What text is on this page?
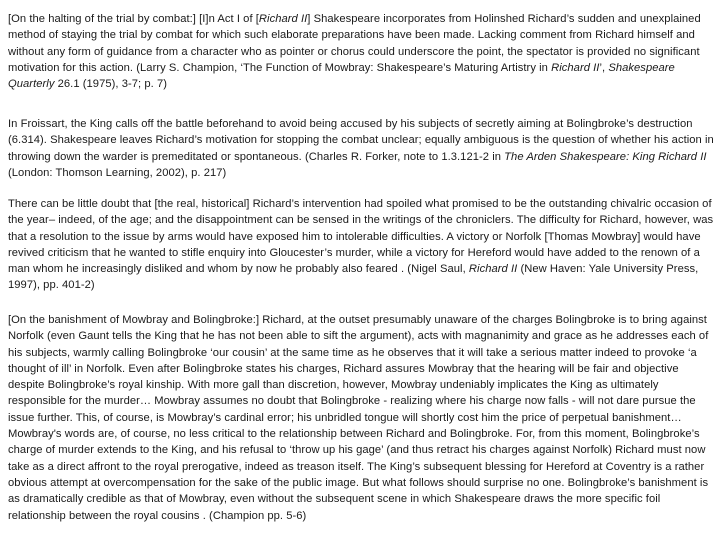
[On the halting of the trial by combat:] [I]n Act I of [Richard II] Shakespeare incorporates from Holinshed Richard’s sudden and unexplained method of staying the trial by combat for which such elaborate preparations have been made. Lacking comment from Richard himself and without any form of guidance from a character who as pointer or chorus could underscore the point, the spectator is provided no significant motivation for this action. (Larry S. Champion, ‘The Function of Mowbray: Shakespeare’s Maturing Artistry in Richard II’, Shakespeare Quarterly 26.1 (1975), 3-7; p. 7)

In Froissart, the King calls off the battle beforehand to avoid being accused by his subjects of secretly aiming at Bolingbroke’s destruction (6.314). Shakespeare leaves Richard’s motivation for stopping the combat unclear; equally ambiguous is the question of whether his action in throwing down the warder is premeditated or spontaneous. (Charles R. Forker, note to 1.3.121-2 in The Arden Shakespeare: King Richard II (London: Thomson Learning, 2002), p. 217)

There can be little doubt that [the real, historical] Richard’s intervention had spoiled what promised to be the outstanding chivalric occasion of the year– indeed, of the age; and the disappointment can be sensed in the writings of the chroniclers. The difficulty for Richard, however, was that a resolution to the issue by arms would have exposed him to intolerable difficulties. A victory or Norfolk [Thomas Mowbray] would have revived criticism that he wanted to stifle enquiry into Gloucester’s murder, while a victory for Hereford would have added to the renown of a man whom he increasingly disliked and whom by now he probably also feared . (Nigel Saul, Richard II (New Haven: Yale University Press, 1997), pp. 401-2)

[On the banishment of Mowbray and Bolingbroke:] Richard, at the outset presumably unaware of the charges Bolingbroke is to bring against Norfolk (even Gaunt tells the King that he has not been able to sift the argument), acts with magnanimity and grace as he addresses each of his subjects, warmly calling Bolingbroke ‘our cousin’ at the same time as he observes that it will take a serious matter indeed to provoke ‘a thought of ill’ in Norfolk. Even after Bolingbroke states his charges, Richard assures Mowbray that the hearing will be fair and objective despite Bolingbroke’s royal kinship. With more gall than discretion, however, Mowbray undeniably implicates the King as ultimately responsible for the murder… Mowbray assumes no doubt that Bolingbroke - realizing where his charge now falls - will not dare pursue the issue further. This, of course, is Mowbray’s cardinal error; his unbridled tongue will shortly cost him the price of perpetual banishment… Mowbray's words are, of course, no less critical to the relationship between Richard and Bolingbroke. For, from this moment, Bolingbroke’s charge of murder extends to the King, and his refusal to ‘throw up his gage’ (and thus retract his charges against Norfolk) Richard must now take as a direct affront to the royal prerogative, indeed as treason itself. The King’s subsequent blessing for Hereford at Coventry is a rather obvious attempt at overcompensation for the sake of the public image. But what follows should surprise no one. Bolingbroke’s banishment is as dramatically credible as that of Mowbray, even without the subsequent scene in which Shakespeare draws the more specific foil relationship between the royal cousins . (Champion pp. 5-6)
